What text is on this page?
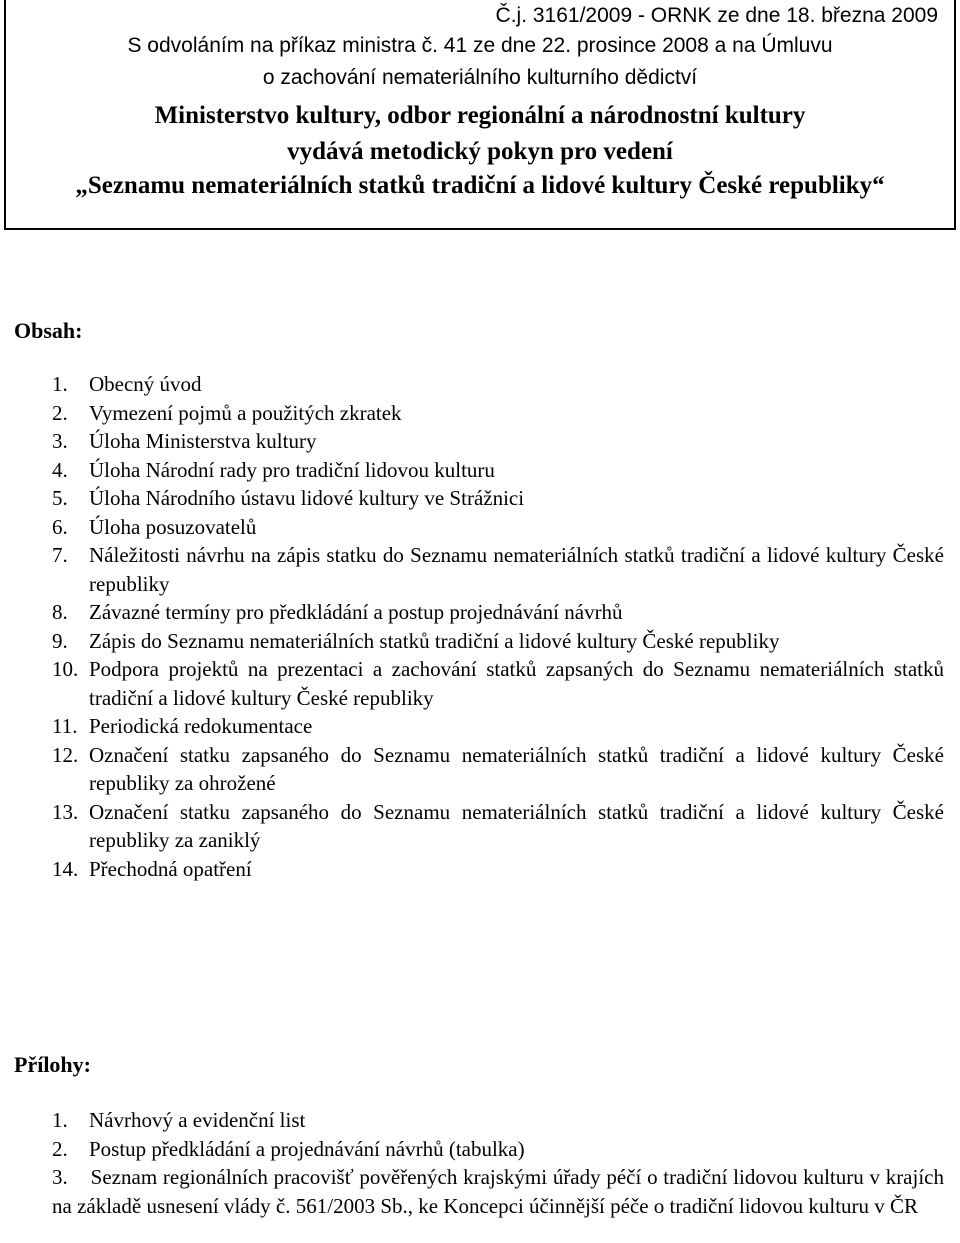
Č.j. 3161/2009 - ORNK ze dne 18. března 2009
S odvoláním na příkaz ministra č. 41 ze dne 22. prosince 2008 a na Úmluvu
o zachování nemateriálního kulturního dědictví
Ministerstvo kultury, odbor regionální a národnostní kultury
vydává metodický pokyn pro vedení
„Seznamu nemateriálních statků tradiční a lidové kultury České republiky“
Obsah:
1. Obecný úvod
2. Vymezení pojmů a použitých zkratek
3. Úloha Ministerstva kultury
4. Úloha Národní rady pro tradiční lidovou kulturu
5. Úloha Národního ústavu lidové kultury ve Strážnici
6. Úloha posuzovatelů
7. Náležitosti návrhu na zápis statku do Seznamu nemateriálních statků tradiční a lidové kultury České republiky
8. Závazné termíny pro předkládání a postup projednávání návrhů
9. Zápis do Seznamu nemateriálních statků tradiční a lidové kultury České republiky
10. Podpora projektů na prezentaci a zachování statků zapsaných do Seznamu nemateriálních statků tradiční a lidové kultury České republiky
11. Periodická redokumentace
12. Označení statku zapsaného do Seznamu nemateriálních statků tradiční a lidové kultury České republiky za ohrožené
13. Označení statku zapsaného do Seznamu nemateriálních statků tradiční a lidové kultury České republiky za zaniklý
14. Přechodná opatření
Přílohy:
1. Návrhový a evidenční list
2. Postup předkládání a projednávání návrhů (tabulka)
3. Seznam regionálních pracovišť pověřených krajskými úřady péčí o tradiční lidovou kulturu v krajích na základě usnesení vlády č. 561/2003 Sb., ke Koncepci účinnější péče o tradiční lidovou kulturu v ČR
